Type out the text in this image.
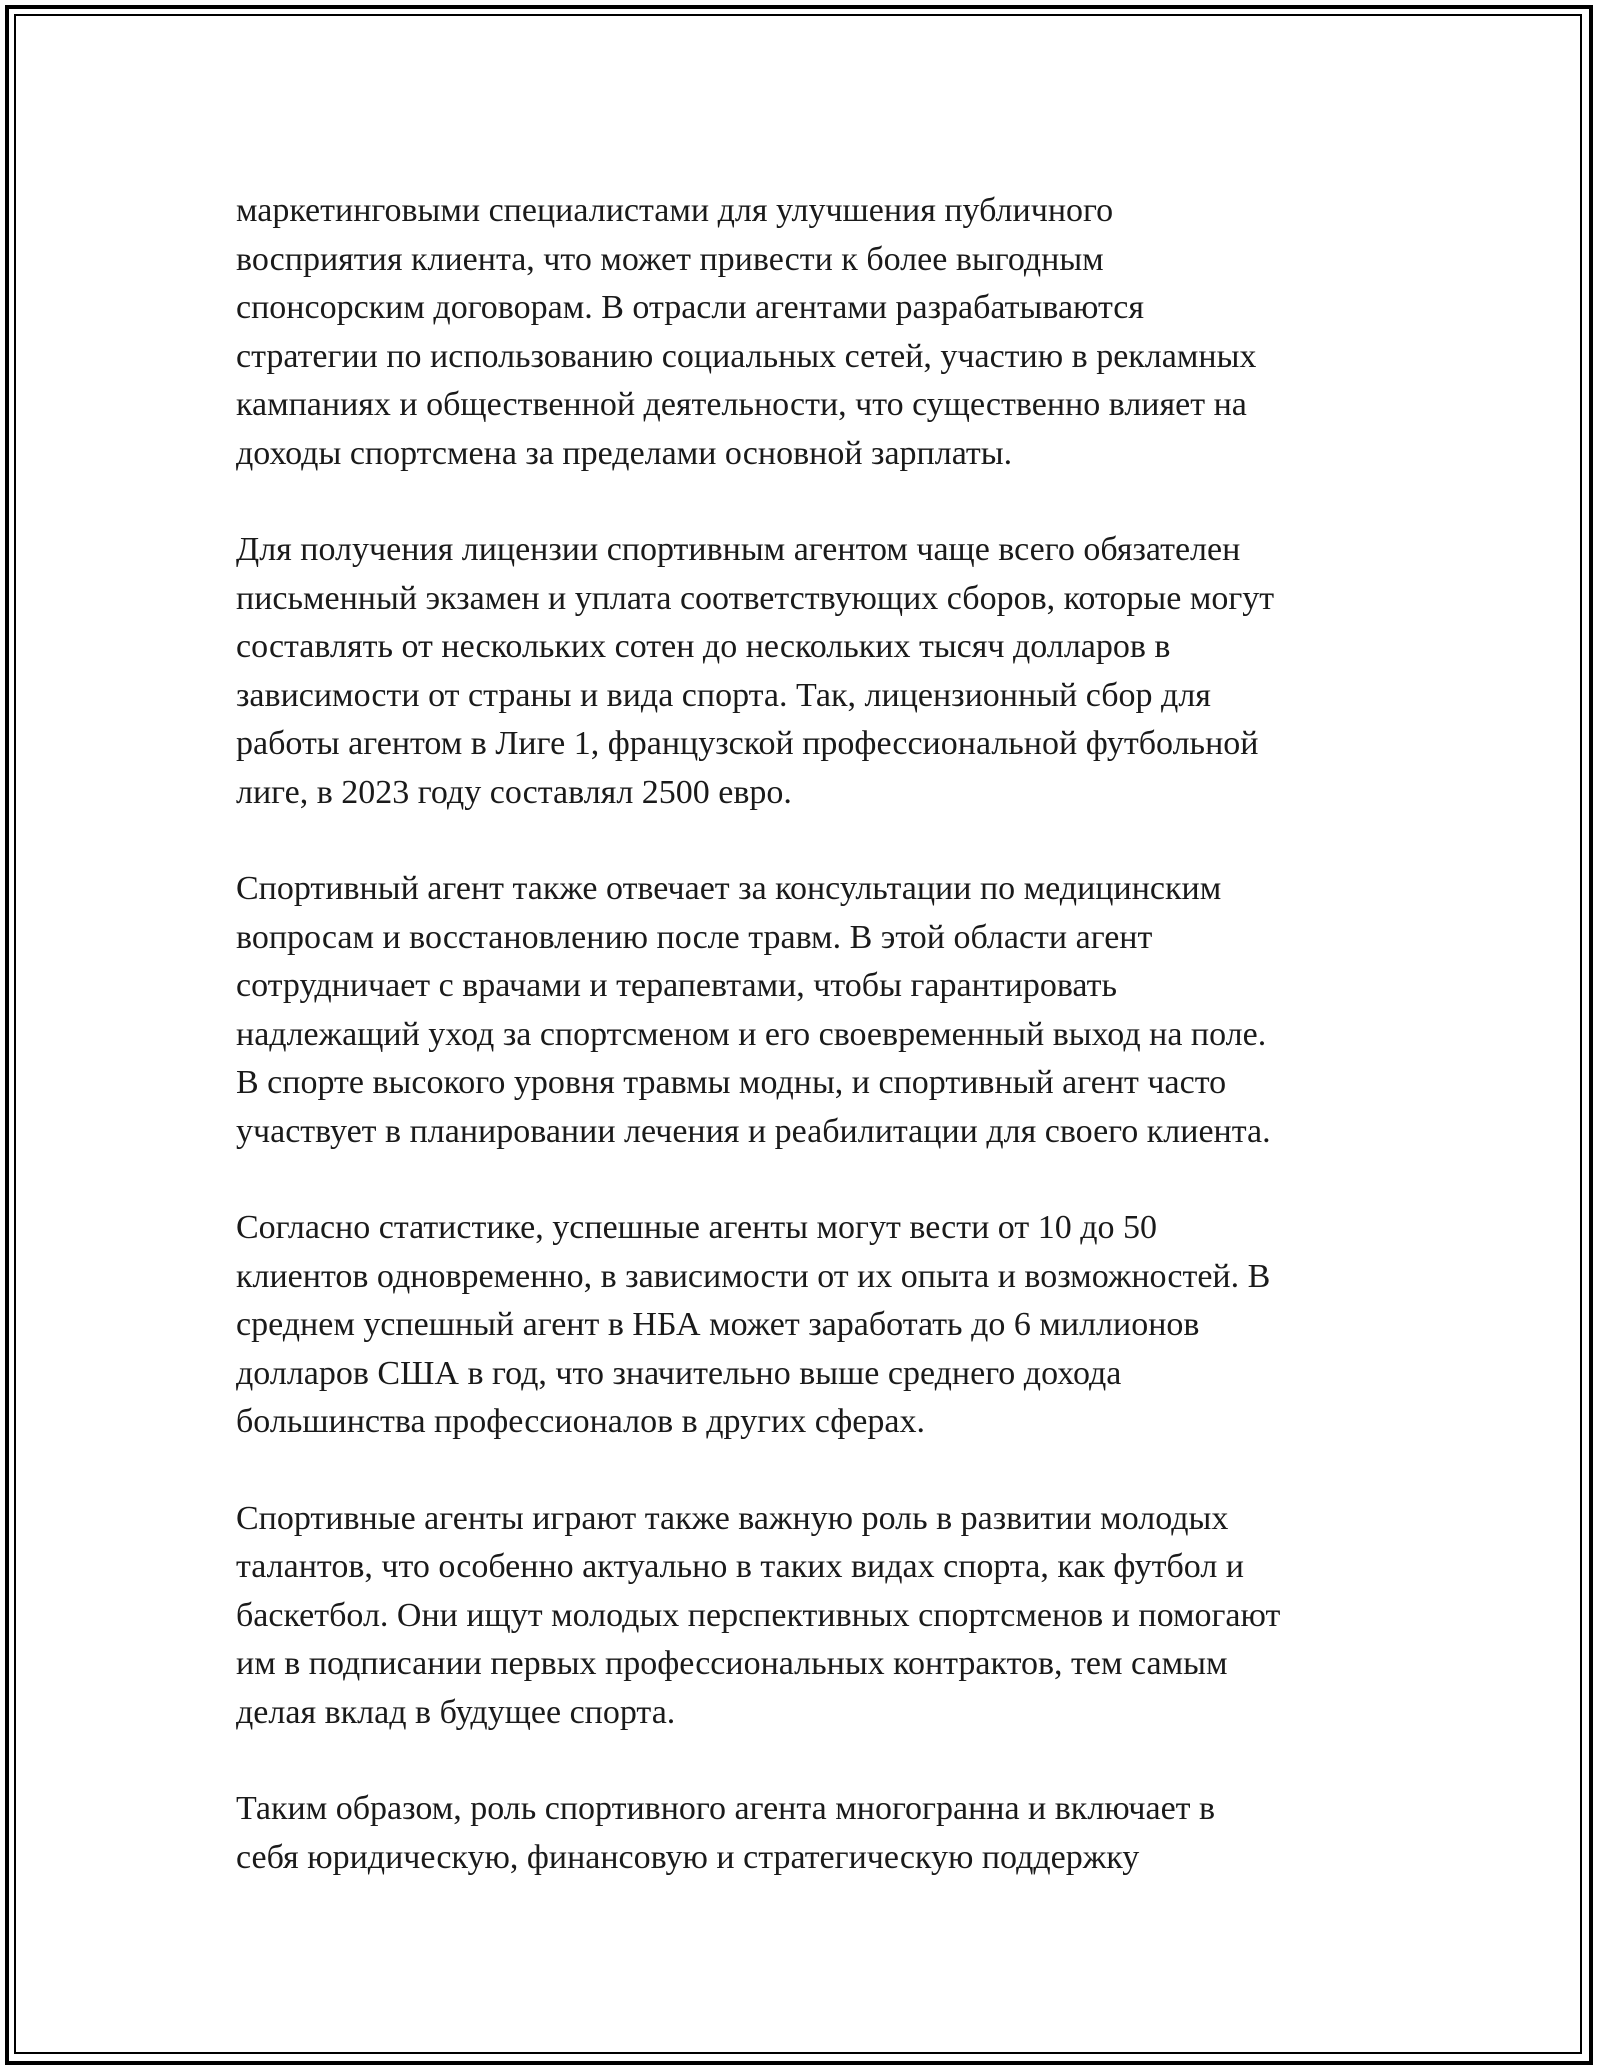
маркетинговыми специалистами для улучшения публичного
восприятия клиента, что может привести к более выгодным
спонсорским договорам. В отрасли агентами разрабатываются
стратегии по использованию социальных сетей, участию в рекламных
кампаниях и общественной деятельности, что существенно влияет на
доходы спортсмена за пределами основной зарплаты.
Для получения лицензии спортивным агентом чаще всего обязателен
письменный экзамен и уплата соответствующих сборов, которые могут
составлять от нескольких сотен до нескольких тысяч долларов в
зависимости от страны и вида спорта. Так, лицензионный сбор для
работы агентом в Лиге 1, французской профессиональной футбольной
лиге, в 2023 году составлял 2500 евро.
Спортивный агент также отвечает за консультации по медицинским
вопросам и восстановлению после травм. В этой области агент
сотрудничает с врачами и терапевтами, чтобы гарантировать
надлежащий уход за спортсменом и его своевременный выход на поле.
В спорте высокого уровня травмы модны, и спортивный агент часто
участвует в планировании лечения и реабилитации для своего клиента.
Согласно статистике, успешные агенты могут вести от 10 до 50
клиентов одновременно, в зависимости от их опыта и возможностей. В
среднем успешный агент в НБА может заработать до 6 миллионов
долларов США в год, что значительно выше среднего дохода
большинства профессионалов в других сферах.
Спортивные агенты играют также важную роль в развитии молодых
талантов, что особенно актуально в таких видах спорта, как футбол и
баскетбол. Они ищут молодых перспективных спортсменов и помогают
им в подписании первых профессиональных контрактов, тем самым
делая вклад в будущее спорта.
Таким образом, роль спортивного агента многогранна и включает в
себя юридическую, финансовую и стратегическую поддержку
